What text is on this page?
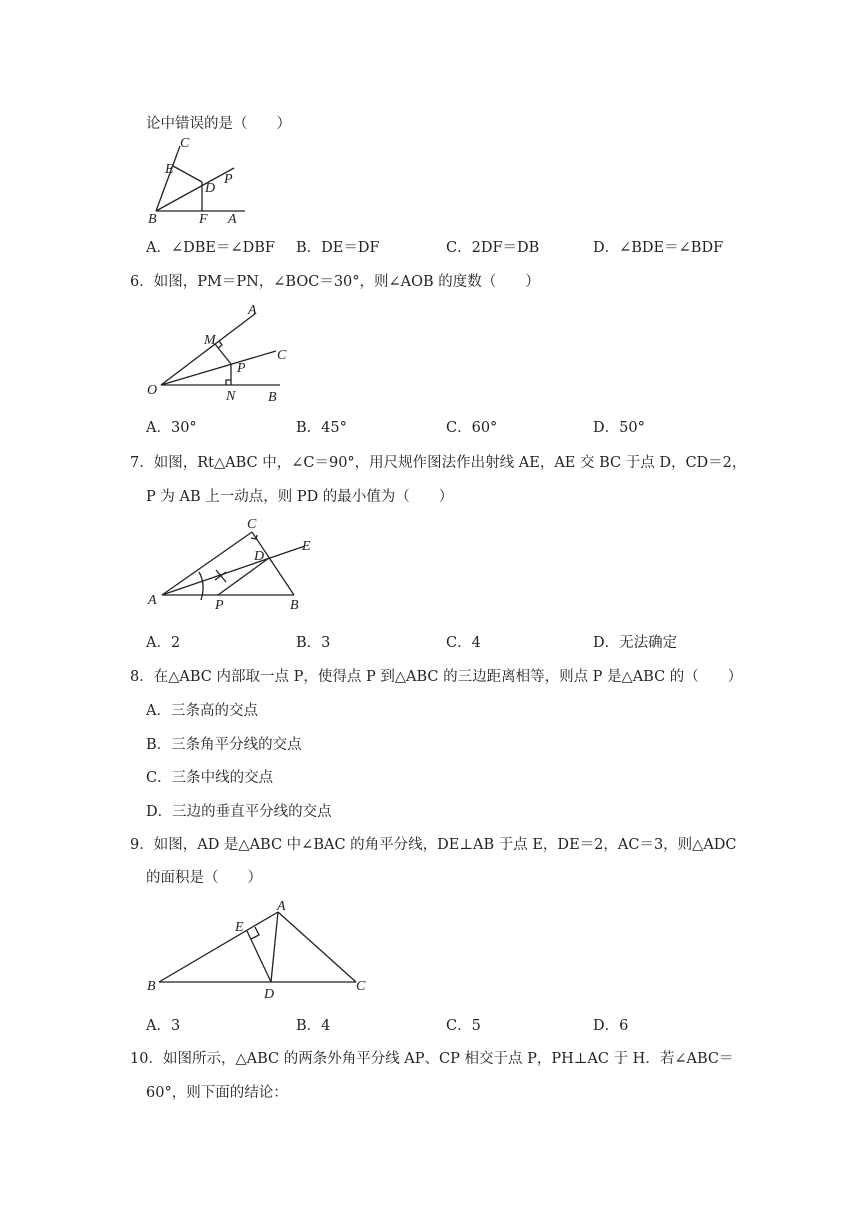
论中错误的是（　　）
C
E
D
P
B	F A
A．∠DBE＝∠DBF B．DE＝DF	C．2DF＝DB	D．∠BDE＝∠BDF
6．如图，PM＝PN，∠BOC＝30°，则∠AOB 的度数（　　）
A
M
C
P
O	N B
A．30°	B．45°	C．60°	D．50°
7．如图，Rt△ABC 中，∠C＝90°，用尺规作图法作出射线 AE，AE 交 BC 于点 D，CD＝2，
P 为 AB 上一动点，则 PD 的最小值为（　　）
C
D
E
A	P	B
A．2	B．3	C．4	D．无法确定
8．在△ABC 内部取一点 P，使得点 P 到△ABC 的三边距离相等，则点 P 是△ABC 的（　　）
A．三条高的交点
B．三条角平分线的交点
C．三条中线的交点
D．三边的垂直平分线的交点
9．如图，AD 是△ABC 中∠BAC 的角平分线，DE⊥AB 于点 E，DE＝2，AC＝3，则△ADC
的面积是（　　）
A
E
B
D
C
A．3	B．4	C．5	D．6
10．如图所示，△ABC 的两条外角平分线 AP、CP 相交于点 P，PH⊥AC 于 H．若∠ABC＝
60°，则下面的结论：
